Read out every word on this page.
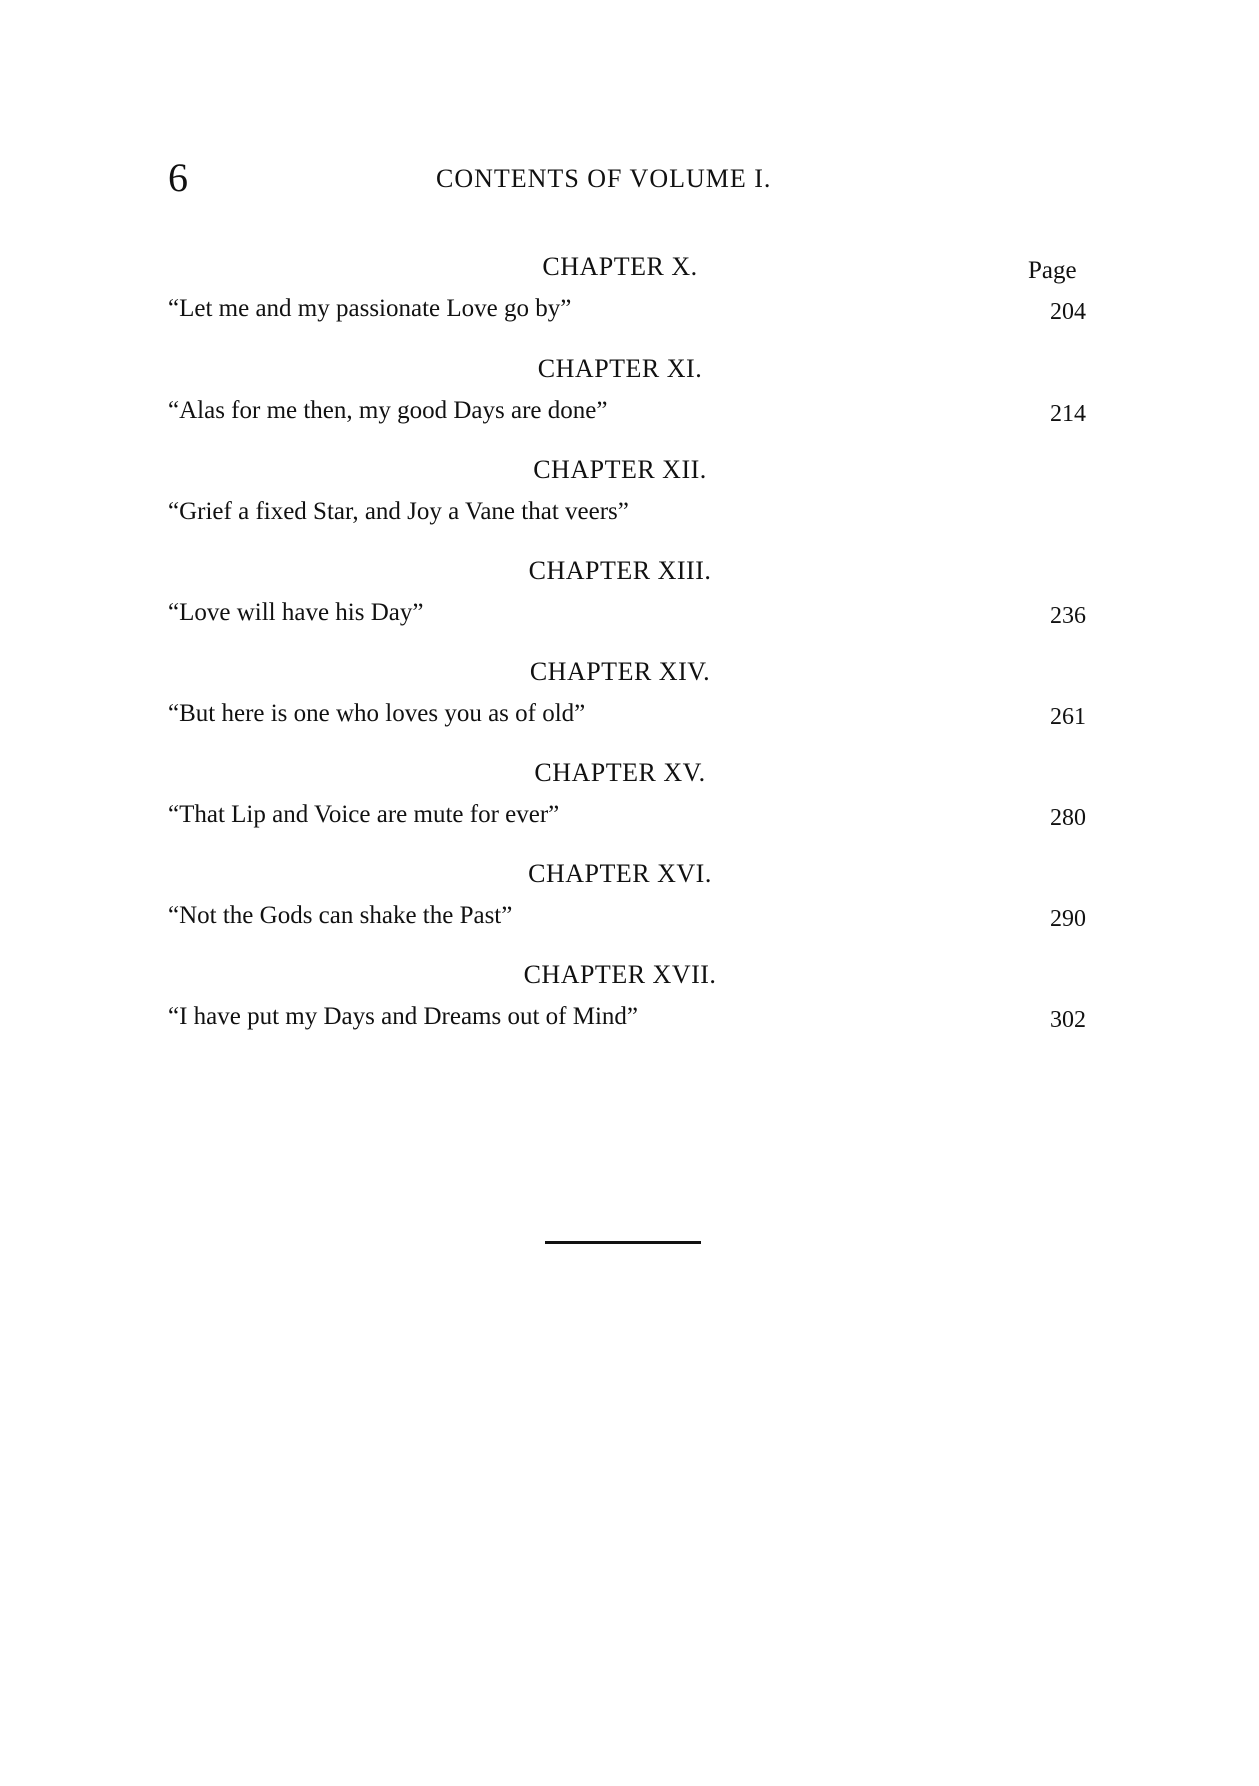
6	CONTENTS OF VOLUME I.
Page
CHAPTER X.
“Let me and my passionate Love go by”	204
CHAPTER XI.
“Alas for me then, my good Days are done”	214
CHAPTER XII.
“Grief a fixed Star, and Joy a Vane that veers”
CHAPTER XIII.
“Love will have his Day”	236
CHAPTER XIV.
“But here is one who loves you as of old”	261
CHAPTER XV.
“That Lip and Voice are mute for ever”	280
CHAPTER XVI.
“Not the Gods can shake the Past”	290
CHAPTER XVII.
“I have put my Days and Dreams out of Mind”	302
